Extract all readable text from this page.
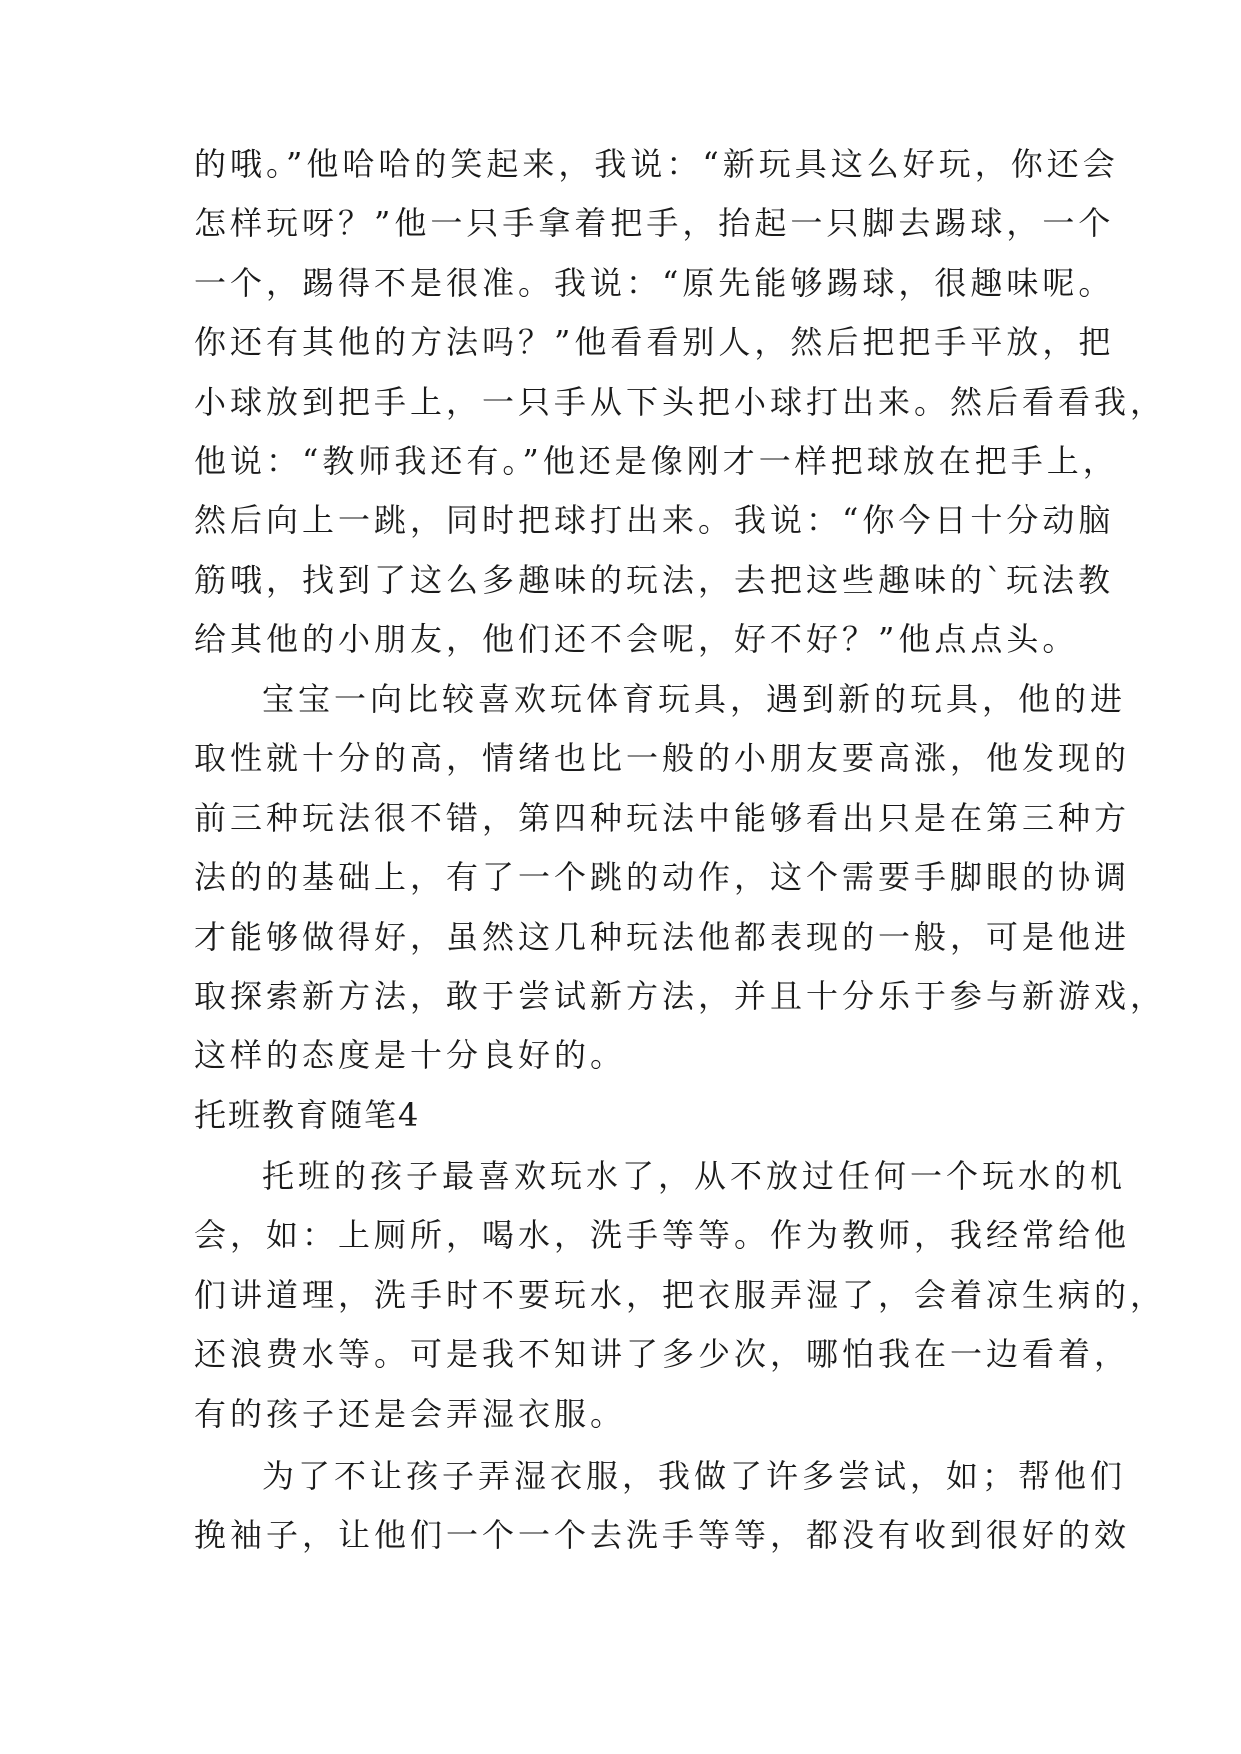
的哦。”他哈哈的笑起来，我说：“新玩具这么好玩，你还会
怎样玩呀？”他一只手拿着把手，抬起一只脚去踢球，一个
一个，踢得不是很准。我说：“原先能够踢球，很趣味呢。
你还有其他的方法吗？”他看看别人，然后把把手平放，把
小球放到把手上，一只手从下头把小球打出来。然后看看我，
他说：“教师我还有。”他还是像刚才一样把球放在把手上，
然后向上一跳，同时把球打出来。我说：“你今日十分动脑
筋哦，找到了这么多趣味的玩法，去把这些趣味的`玩法教
给其他的小朋友，他们还不会呢，好不好？”他点点头。
宝宝一向比较喜欢玩体育玩具，遇到新的玩具，他的进
取性就十分的高，情绪也比一般的小朋友要高涨，他发现的
前三种玩法很不错，第四种玩法中能够看出只是在第三种方
法的的基础上，有了一个跳的动作，这个需要手脚眼的协调
才能够做得好，虽然这几种玩法他都表现的一般，可是他进
取探索新方法，敢于尝试新方法，并且十分乐于参与新游戏，
这样的态度是十分良好的。
托班教育随笔4
托班的孩子最喜欢玩水了，从不放过任何一个玩水的机
会，如：上厕所，喝水，洗手等等。作为教师，我经常给他
们讲道理，洗手时不要玩水，把衣服弄湿了，会着凉生病的，
还浪费水等。可是我不知讲了多少次，哪怕我在一边看着，
有的孩子还是会弄湿衣服。
为了不让孩子弄湿衣服，我做了许多尝试，如；帮他们
挽袖子，让他们一个一个去洗手等等，都没有收到很好的效
